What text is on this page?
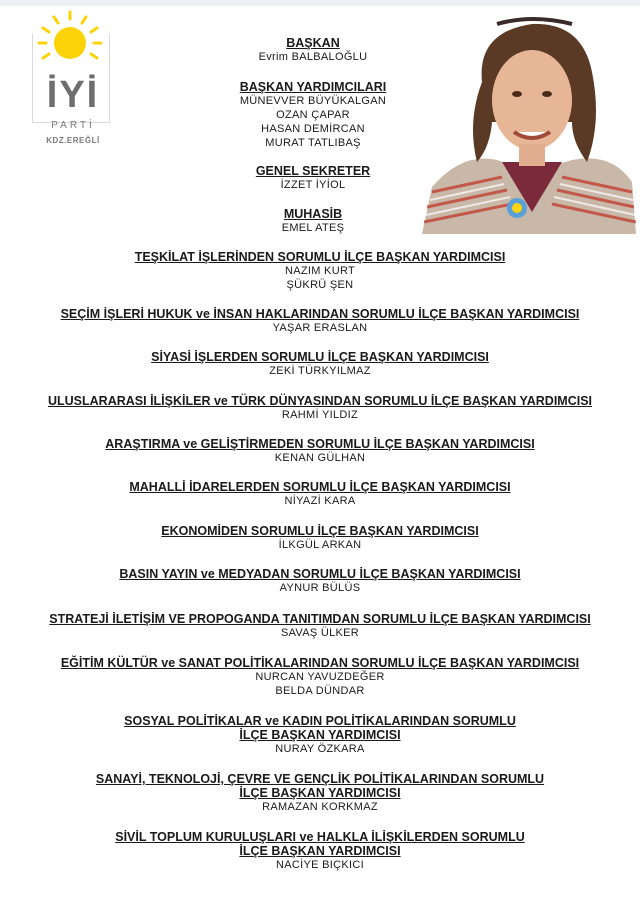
İYİ
PARTİ
KDZ.EREĞLİ
BAŞKAN
Evrim BALBALOĞLU
BAŞKAN YARDIMCILARI
MÜNEVVER BÜYÜKALGAN
OZAN ÇAPAR
HASAN DEMİRCAN
MURAT TATLIBAŞ
GENEL SEKRETER
İZZET İYİOL
MUHASİB
EMEL ATEŞ
TEŞKİLAT İŞLERİNDEN SORUMLU İLÇE BAŞKAN YARDIMCISI
NAZIM KURT
ŞÜKRÜ ŞEN
SEÇİM İŞLERİ HUKUK ve İNSAN HAKLARINDAN SORUMLU İLÇE BAŞKAN YARDIMCISI
YAŞAR ERASLAN
SİYASİ İŞLERDEN SORUMLU İLÇE BAŞKAN YARDIMCISI
ZEKİ TÜRKYILMAZ
ULUSLARARASI İLİŞKİLER ve TÜRK DÜNYASINDAN SORUMLU İLÇE BAŞKAN YARDIMCISI
RAHMİ YILDIZ
ARAŞTIRMA ve GELİŞTİRMEDEN SORUMLU İLÇE BAŞKAN YARDIMCISI
KENAN GÜLHAN
MAHALLİ İDARELERDEN SORUMLU İLÇE BAŞKAN YARDIMCISI
NİYAZİ KARA
EKONOMİDEN SORUMLU İLÇE BAŞKAN YARDIMCISI
İLKGÜL ARKAN
BASIN YAYIN ve MEDYADAN SORUMLU İLÇE BAŞKAN YARDIMCISI
AYNUR BÜLÜS
STRATEJİ İLETİŞİM VE PROPOGANDA TANITIMDAN SORUMLU İLÇE BAŞKAN YARDIMCISI
SAVAŞ ÜLKER
EĞİTİM KÜLTÜR ve SANAT POLİTİKALARINDAN SORUMLU İLÇE BAŞKAN YARDIMCISI
NURCAN YAVUZDEĞER
BELDA DÜNDAR
SOSYAL POLİTİKALAR ve KADIN POLİTİKALARINDAN SORUMLU
İLÇE BAŞKAN YARDIMCISI
NURAY ÖZKARA
SANAYİ, TEKNOLOJİ, ÇEVRE VE GENÇLİK POLİTİKALARINDAN SORUMLU
İLÇE BAŞKAN YARDIMCISI
RAMAZAN KORKMAZ
SİVİL TOPLUM KURULUŞLARI ve HALKLA İLİŞKİLERDEN SORUMLU
İLÇE BAŞKAN YARDIMCISI
NACİYE BIÇKICI
